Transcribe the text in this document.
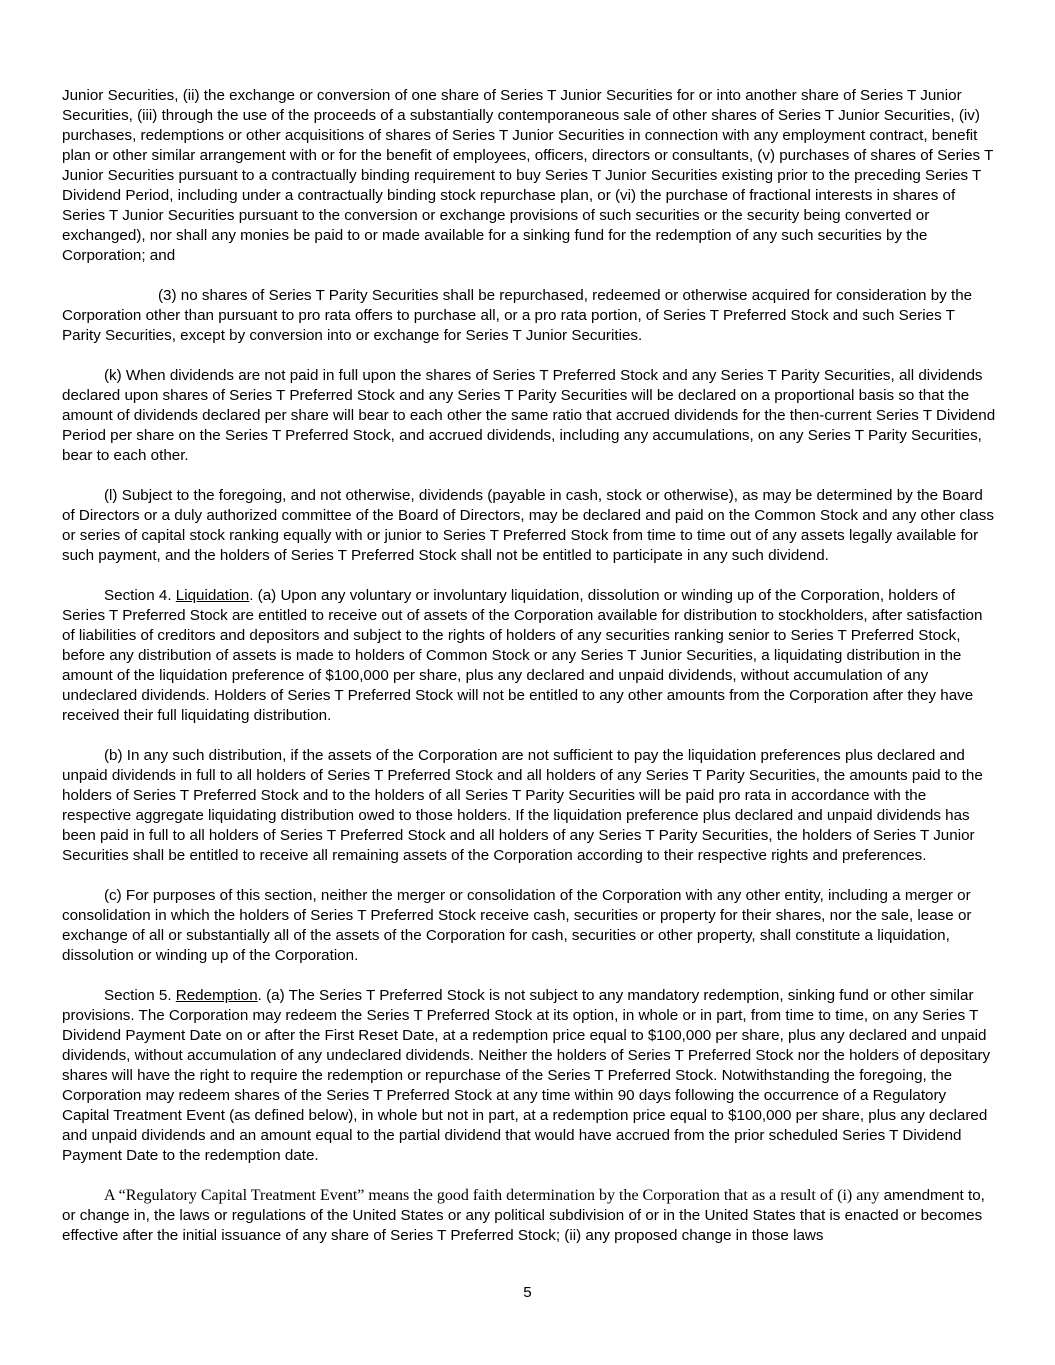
Junior Securities, (ii) the exchange or conversion of one share of Series T Junior Securities for or into another share of Series T Junior Securities, (iii) through the use of the proceeds of a substantially contemporaneous sale of other shares of Series T Junior Securities, (iv) purchases, redemptions or other acquisitions of shares of Series T Junior Securities in connection with any employment contract, benefit plan or other similar arrangement with or for the benefit of employees, officers, directors or consultants, (v) purchases of shares of Series T Junior Securities pursuant to a contractually binding requirement to buy Series T Junior Securities existing prior to the preceding Series T Dividend Period, including under a contractually binding stock repurchase plan, or (vi) the purchase of fractional interests in shares of Series T Junior Securities pursuant to the conversion or exchange provisions of such securities or the security being converted or exchanged), nor shall any monies be paid to or made available for a sinking fund for the redemption of any such securities by the Corporation; and

(3) no shares of Series T Parity Securities shall be repurchased, redeemed or otherwise acquired for consideration by the Corporation other than pursuant to pro rata offers to purchase all, or a pro rata portion, of Series T Preferred Stock and such Series T Parity Securities, except by conversion into or exchange for Series T Junior Securities.

(k) When dividends are not paid in full upon the shares of Series T Preferred Stock and any Series T Parity Securities, all dividends declared upon shares of Series T Preferred Stock and any Series T Parity Securities will be declared on a proportional basis so that the amount of dividends declared per share will bear to each other the same ratio that accrued dividends for the then-current Series T Dividend Period per share on the Series T Preferred Stock, and accrued dividends, including any accumulations, on any Series T Parity Securities, bear to each other.

(l) Subject to the foregoing, and not otherwise, dividends (payable in cash, stock or otherwise), as may be determined by the Board of Directors or a duly authorized committee of the Board of Directors, may be declared and paid on the Common Stock and any other class or series of capital stock ranking equally with or junior to Series T Preferred Stock from time to time out of any assets legally available for such payment, and the holders of Series T Preferred Stock shall not be entitled to participate in any such dividend.

Section 4. Liquidation. (a) Upon any voluntary or involuntary liquidation, dissolution or winding up of the Corporation, holders of Series T Preferred Stock are entitled to receive out of assets of the Corporation available for distribution to stockholders, after satisfaction of liabilities of creditors and depositors and subject to the rights of holders of any securities ranking senior to Series T Preferred Stock, before any distribution of assets is made to holders of Common Stock or any Series T Junior Securities, a liquidating distribution in the amount of the liquidation preference of $100,000 per share, plus any declared and unpaid dividends, without accumulation of any undeclared dividends. Holders of Series T Preferred Stock will not be entitled to any other amounts from the Corporation after they have received their full liquidating distribution.

(b) In any such distribution, if the assets of the Corporation are not sufficient to pay the liquidation preferences plus declared and unpaid dividends in full to all holders of Series T Preferred Stock and all holders of any Series T Parity Securities, the amounts paid to the holders of Series T Preferred Stock and to the holders of all Series T Parity Securities will be paid pro rata in accordance with the respective aggregate liquidating distribution owed to those holders. If the liquidation preference plus declared and unpaid dividends has been paid in full to all holders of Series T Preferred Stock and all holders of any Series T Parity Securities, the holders of Series T Junior Securities shall be entitled to receive all remaining assets of the Corporation according to their respective rights and preferences.

(c) For purposes of this section, neither the merger or consolidation of the Corporation with any other entity, including a merger or consolidation in which the holders of Series T Preferred Stock receive cash, securities or property for their shares, nor the sale, lease or exchange of all or substantially all of the assets of the Corporation for cash, securities or other property, shall constitute a liquidation, dissolution or winding up of the Corporation.

Section 5. Redemption. (a) The Series T Preferred Stock is not subject to any mandatory redemption, sinking fund or other similar provisions. The Corporation may redeem the Series T Preferred Stock at its option, in whole or in part, from time to time, on any Series T Dividend Payment Date on or after the First Reset Date, at a redemption price equal to $100,000 per share, plus any declared and unpaid dividends, without accumulation of any undeclared dividends. Neither the holders of Series T Preferred Stock nor the holders of depositary shares will have the right to require the redemption or repurchase of the Series T Preferred Stock. Notwithstanding the foregoing, the Corporation may redeem shares of the Series T Preferred Stock at any time within 90 days following the occurrence of a Regulatory Capital Treatment Event (as defined below), in whole but not in part, at a redemption price equal to $100,000 per share, plus any declared and unpaid dividends and an amount equal to the partial dividend that would have accrued from the prior scheduled Series T Dividend Payment Date to the redemption date.

A “Regulatory Capital Treatment Event” means the good faith determination by the Corporation that as a result of (i) any amendment to, or change in, the laws or regulations of the United States or any political subdivision of or in the United States that is enacted or becomes effective after the initial issuance of any share of Series T Preferred Stock; (ii) any proposed change in those laws

5
